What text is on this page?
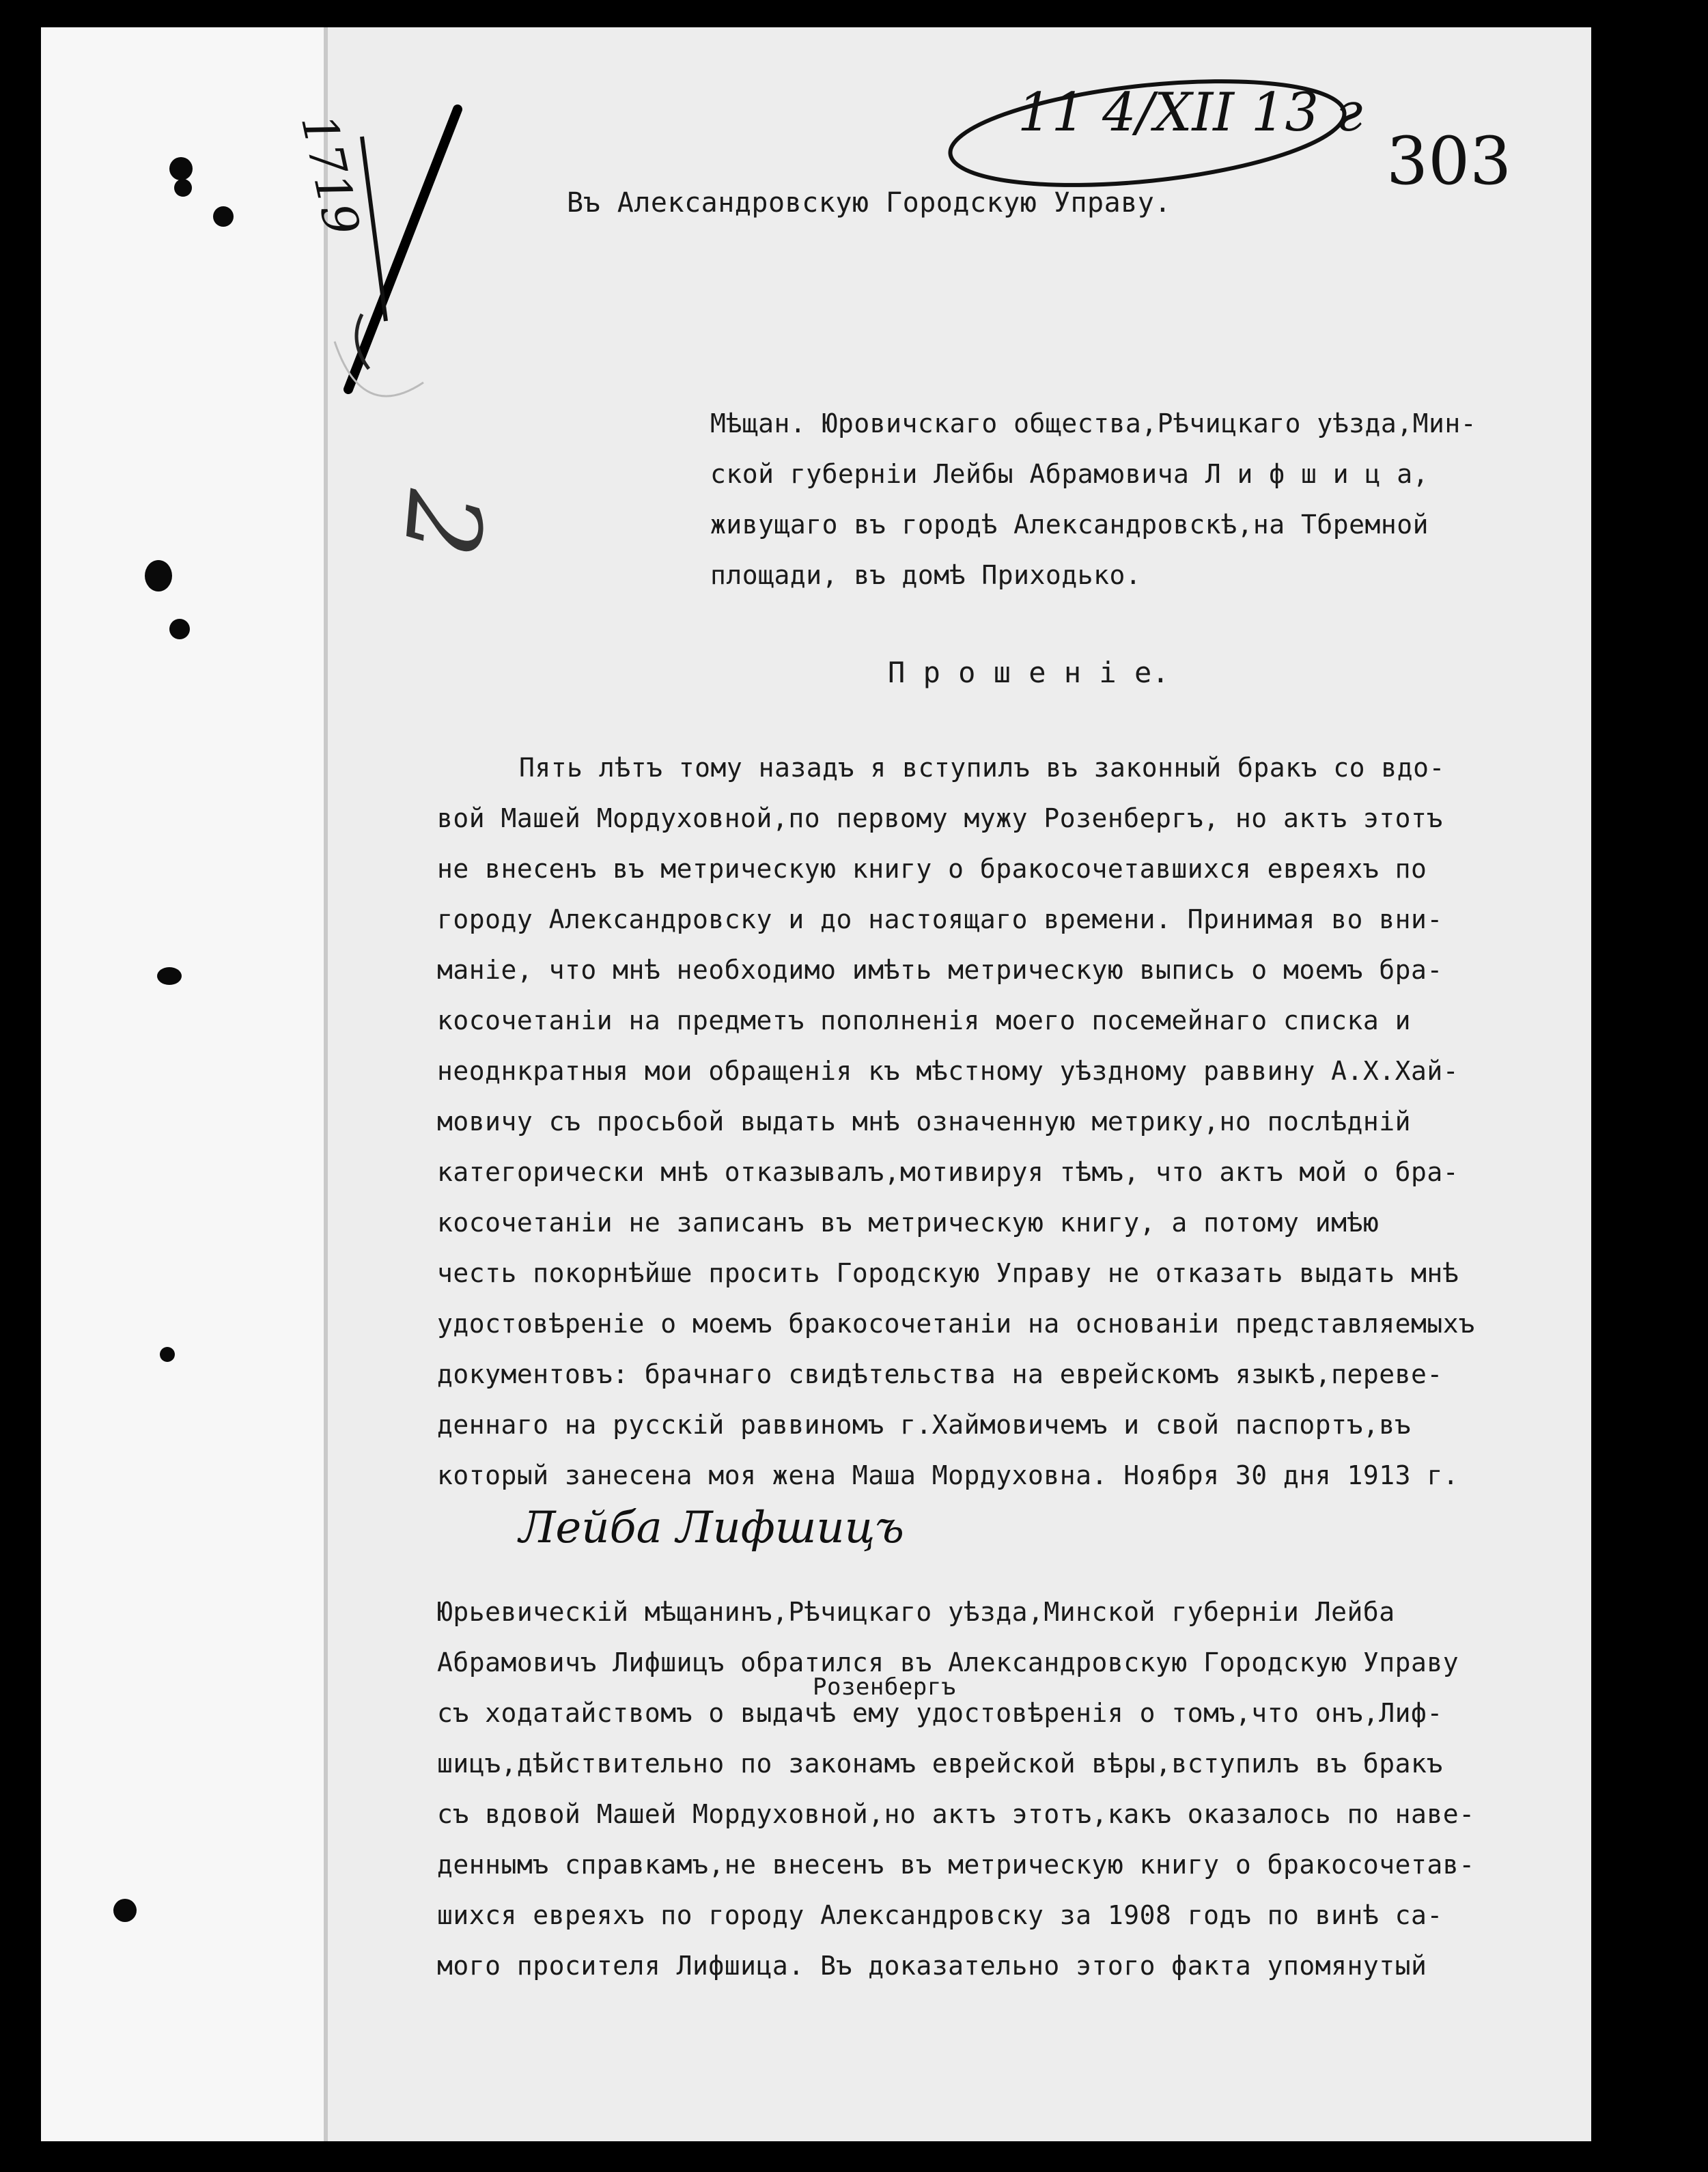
1719
2
11 4/XII 13 г
303
Въ Александровскую Городскую Управу.
Мѣщан. Юровичскаго общества,Рѣчицкаго уѣзда,Мин-
ской губерніи Лейбы Абрамовича Л и ф ш и ц а,
живущаго въ городѣ Александровскѣ,на Тбремной
площади, въ домѣ Приходько.
П р о ш е н і е.
Пять лѣтъ тому назадъ я вступилъ въ законный бракъ со вдо-
вой Машей Мордуховной,по первому мужу Розенбергъ, но актъ этотъ
не внесенъ въ метрическую книгу о бракосочетавшихся евреяхъ по
городу Александровску и до настоящаго времени. Принимая во вни-
маніе, что мнѣ необходимо имѣть метрическую выпись о моемъ бра-
косочетаніи на предметъ пополненія моего посемейнаго списка и
неоднкратныя мои обращенія къ мѣстному уѣздному раввину А.Х.Хай-
мовичу съ просьбой выдать мнѣ означенную метрику,но послѣдній
категорически мнѣ отказывалъ,мотивируя тѣмъ, что актъ мой о бра-
косочетаніи не записанъ въ метрическую книгу, а потому имѣю
честь покорнѣйше просить Городскую Управу не отказать выдать мнѣ
удостовѣреніе о моемъ бракосочетаніи на основаніи представляемыхъ
документовъ: брачнаго свидѣтельства на еврейскомъ языкѣ,переве-
деннаго на русскій раввиномъ г.Хаймовичемъ и свой паспортъ,въ
который занесена моя жена Маша Мордуховна. Ноября 30 дня 1913 г.
Лейба Лифшицъ
Розенбергъ
Юрьевическій мѣщанинъ,Рѣчицкаго уѣзда,Минской губерніи Лейба
Абрамовичъ Лифшицъ обратился въ Александровскую Городскую Управу
съ ходатайствомъ о выдачѣ ему удостовѣренія о томъ,что онъ,Лиф-
шицъ,дѣйствительно по законамъ еврейской вѣры,вступилъ въ бракъ
съ вдовой Машей Мордуховной,но актъ этотъ,какъ оказалось по наве-
деннымъ справкамъ,не внесенъ въ метрическую книгу о бракосочетав-
шихся евреяхъ по городу Александровску за 1908 годъ по винѣ са-
мого просителя Лифшица. Въ доказательно этого факта упомянутый
